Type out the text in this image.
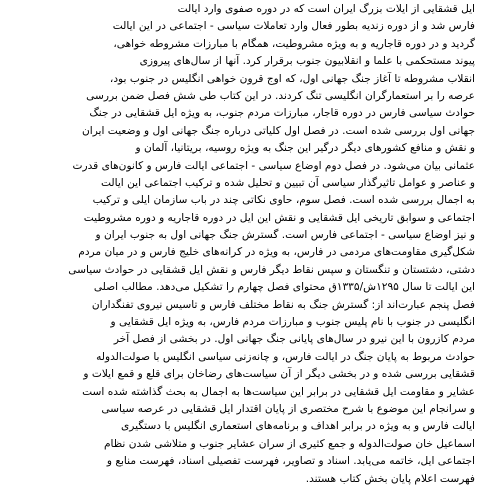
ایل قشقایی از ایلات بزرگ ایران است که در دوره صفوی وارد ایالت
فارس شد و از دوره زندیه بطور فعال وارد تعاملات سیاسی - اجتماعی در این ایالت
گردید و در دوره قاجاریه و به ویژه مشروطیت، همگام با مبارزات مشروطه خواهی،
پیوند مستحکمی با علما و انقلابیون جنوب برقرار کرد. آنها از سال‌های پیروزی
انقلاب مشروطه تا آغاز جنگ جهانی اول، که اوج قرون خواهی انگلیس در جنوب بود،
عرصه را بر استعمارگران انگلیسی تنگ کردند. در این کتاب طی شش فصل ضمن بررسی
حوادث سیاسی فارس در دوره قاجار، مبارزات مردم جنوب، به ویژه ایل قشقایی در جنگ
جهانی اول بررسی شده است. در فصل اول کلیاتی درباره جنگ جهانی اول و وضعیت ایران
و نقش و منافع کشورهای دیگر درگیر این جنگ به ویژه روسیه، بریتانیا، آلمان و
عثمانی بیان می‌شود. در فصل دوم اوضاع سیاسی - اجتماعی ایالت فارس و کانون‌های قدرت
و عناصر و عوامل تاثیرگذار سیاسی آن تبیین و تحلیل شده و ترکیب اجتماعی این ایالت
به اجمال بررسی شده است. فصل سوم، حاوی نکاتی چند در باب سازمان ایلی و ترکیب
اجتماعی و سوابق تاریخی ایل قشقایی و نقش این ایل در دوره قاجاریه و دوره مشروطیت
و نیز اوضاع سیاسی - اجتماعی فارس است. گسترش جنگ جهانی اول به جنوب ایران و
شکل‌گیری مقاومت‌های مردمی در فارس، به ویژه در کرانه‌های خلیج فارس و در میان مردم
دشتی، دشتستان و تنگستان و سپس نقاط دیگر فارس و نقش ایل قشقایی در حوادث سیاسی
این ایالت تا سال ۱۲۹۵ش/۱۳۳۵ق محتوای فصل چهارم را تشکیل می‌دهد. مطالب اصلی
فصل پنجم عبارت‌اند از: گسترش جنگ به نقاط مختلف فارس و تاسیس نیروی تفنگداران
انگلیسی در جنوب با نام پلیس جنوب و مبارزات مردم فارس، به ویژه ایل قشقایی و
مردم کازرون با این نیرو در سال‌های پایانی جنگ جهانی اول. در بخشی از فصل آخر
حوادث مربوط به پایان جنگ در ایالت فارس، و چانه‌زنی سیاسی انگلیس با صولت‌الدوله
قشقایی بررسی شده و در بخشی دیگر از آن سیاست‌های رضاخان برای قلع و قمع ایلات و
عشایر و مقاومت ایل قشقایی در برابر این سیاست‌ها به اجمال به بحث گذاشته شده است
و سرانجام این موضوع با شرح مختصری از پایان اقتدار ایل قشقایی در عرصه سیاسی
ایالت فارس و به ویژه در برابر اهداف و برنامه‌های استعماری انگلیس با دستگیری
اسماعیل خان صولت‌الدوله و جمع کثیری از سران عشایر جنوب و متلاشی شدن نظام
اجتماعی ایل، خاتمه می‌یابد. اسناد و تصاویر، فهرست تفصیلی اسناد، فهرست منابع و
فهرست اعلام پایان بخش کتاب هستند.
